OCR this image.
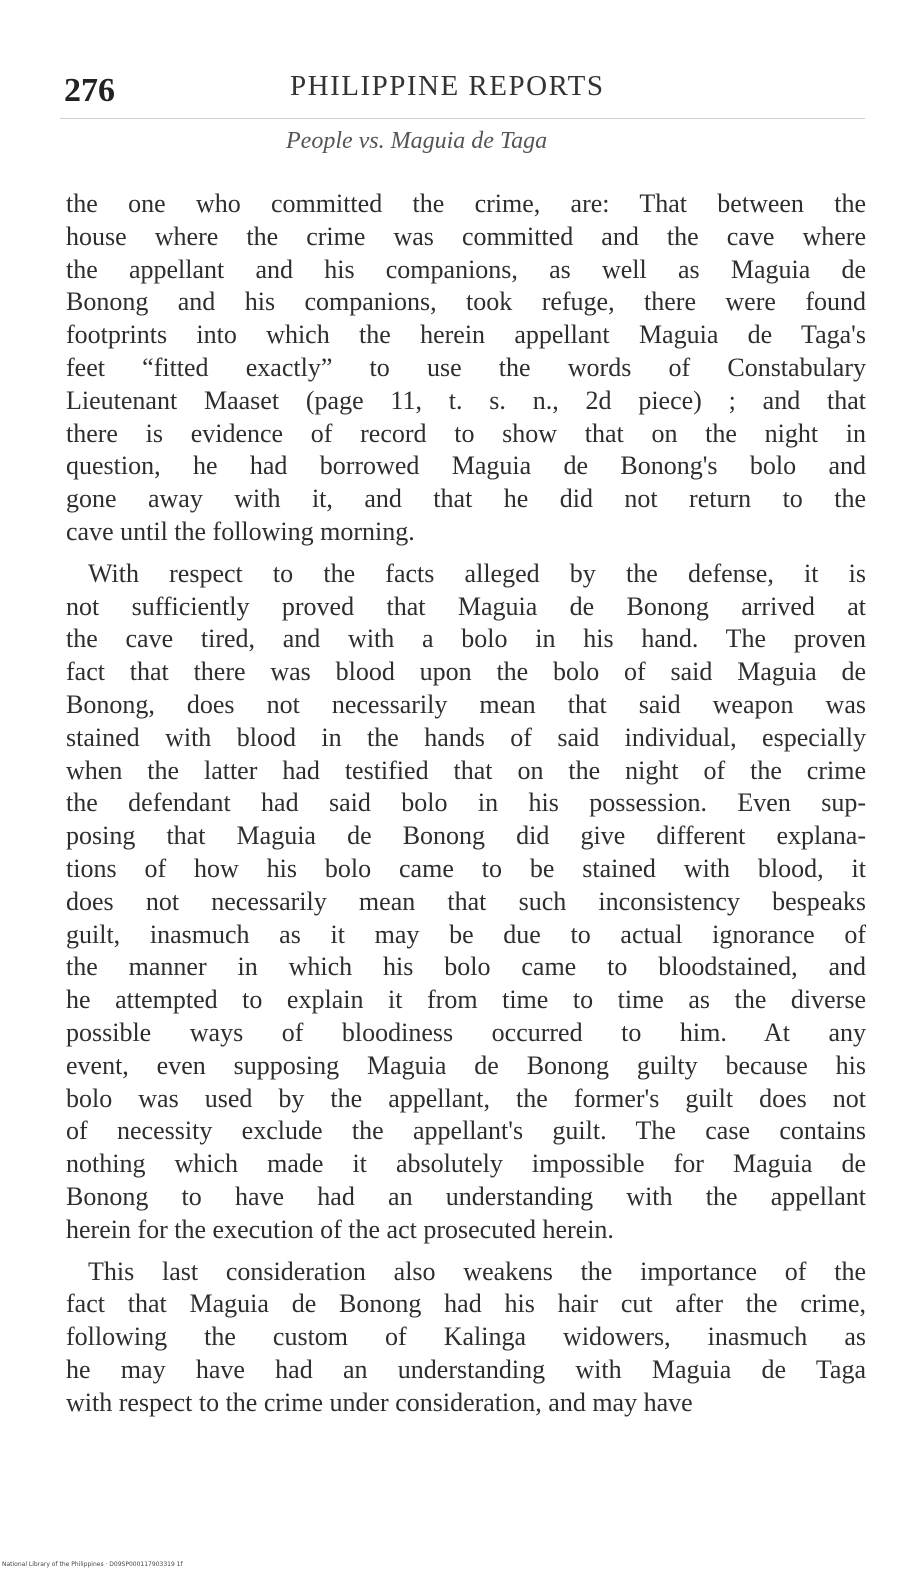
276	PHILIPPINE REPORTS
People vs. Maguia de Taga
the one who committed the crime, are: That between the
house where the crime was committed and the cave where
the appellant and his companions, as well as Maguia de
Bonong and his companions, took refuge, there were found
footprints into which the herein appellant Maguia de Taga's
feet “fitted exactly” to use the words of Constabulary
Lieutenant Maaset (page 11, t. s. n., 2d piece) ; and that
there is evidence of record to show that on the night in
question, he had borrowed Maguia de Bonong's bolo and
gone away with it, and that he did not return to the
cave until the following morning.
With respect to the facts alleged by the defense, it is
not sufficiently proved that Maguia de Bonong arrived at
the cave tired, and with a bolo in his hand. The proven
fact that there was blood upon the bolo of said Maguia de
Bonong, does not necessarily mean that said weapon was
stained with blood in the hands of said individual, especially
when the latter had testified that on the night of the crime
the defendant had said bolo in his possession. Even sup-
posing that Maguia de Bonong did give different explana-
tions of how his bolo came to be stained with blood, it
does not necessarily mean that such inconsistency bespeaks
guilt, inasmuch as it may be due to actual ignorance of
the manner in which his bolo came to bloodstained, and
he attempted to explain it from time to time as the diverse
possible ways of bloodiness occurred to him. At any
event, even supposing Maguia de Bonong guilty because his
bolo was used by the appellant, the former's guilt does not
of necessity exclude the appellant's guilt. The case contains
nothing which made it absolutely impossible for Maguia de
Bonong to have had an understanding with the appellant
herein for the execution of the act prosecuted herein.
This last consideration also weakens the importance of the
fact that Maguia de Bonong had his hair cut after the crime,
following the custom of Kalinga widowers, inasmuch as
he may have had an understanding with Maguia de Taga
with respect to the crime under consideration, and may have
National Library of the Philippines · D09SP000117903319 1f
